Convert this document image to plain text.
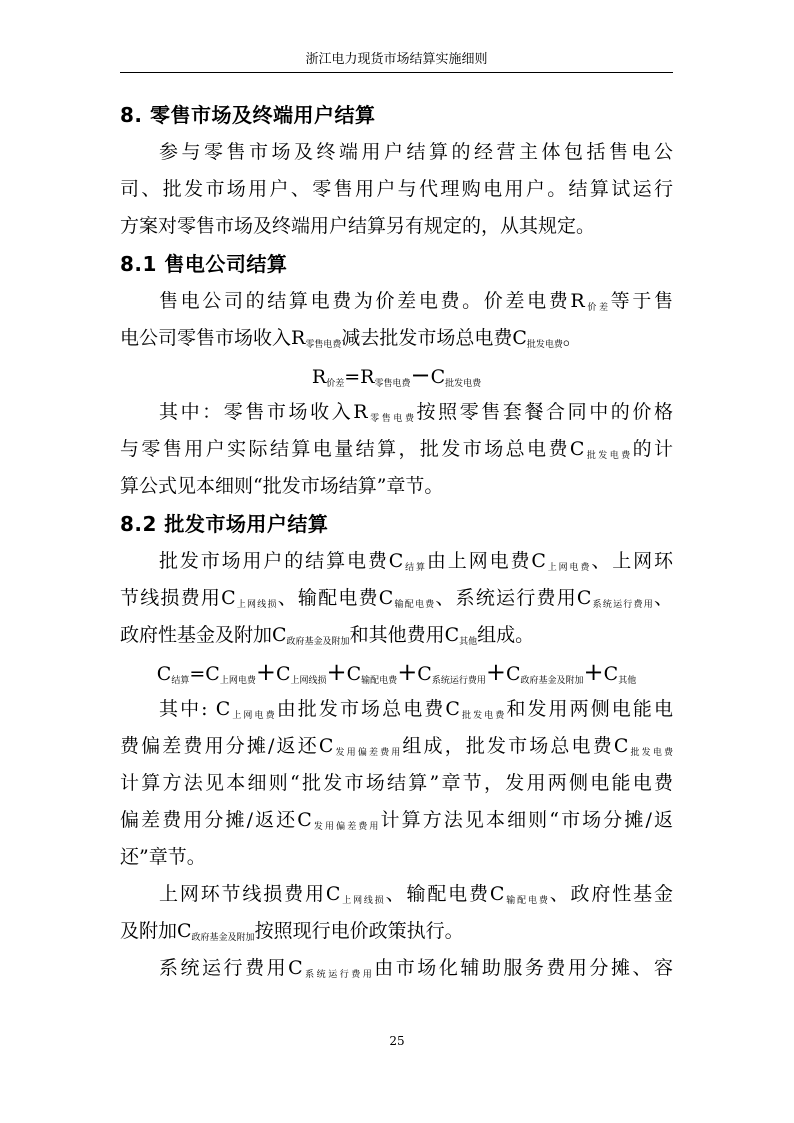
浙江电力现货市场结算实施细则
8. 零售市场及终端用户结算
参与零售市场及终端用户结算的经营主体包括售电公
司、批发市场用户、零售用户与代理购电用户。结算试运行
方案对零售市场及终端用户结算另有规定的，从其规定。
8.1 售电公司结算
售电公司的结算电费为价差电费。价差电费$R_{价差}$等于售
电公司零售市场收入$R_{零售电费}$减去批发市场总电费$C_{批发电费}$。
$R_{价差}=R_{零售电费}-C_{批发电费}$
其中：零售市场收入$R_{零售电费}$按照零售套餐合同中的价格
与零售用户实际结算电量结算，批发市场总电费$C_{批发电费}$的计
算公式见本细则“批发市场结算”章节。
8.2 批发市场用户结算
批发市场用户的结算电费$C_{结算}$由上网电费$C_{上网电费}$、上网环
节线损费用$C_{上网线损}$、输配电费$C_{输配电费}$、系统运行费用$C_{系统运行费用}$、
政府性基金及附加$C_{政府基金及附加}$和其他费用$C_{其他}$组成。
$C_{结算}=C_{上网电费}+C_{上网线损}+C_{输配电费}+C_{系统运行费用}+C_{政府基金及附加}+C_{其他}$
其中: $C_{上网电费}$由批发市场总电费$C_{批发电费}$和发用两侧电能电
费偏差费用分摊/返还$C_{发用偏差费用}$组成，批发市场总电费$C_{批发电费}$
计算方法见本细则“批发市场结算”章节，发用两侧电能电费
偏差费用分摊/返还$C_{发用偏差费用}$计算方法见本细则“市场分摊/返
还”章节。
上网环节线损费用$C_{上网线损}$、输配电费$C_{输配电费}$、政府性基金
及附加$C_{政府基金及附加}$按照现行电价政策执行。
系统运行费用$C_{系统运行费用}$由市场化辅助服务费用分摊、容
25
